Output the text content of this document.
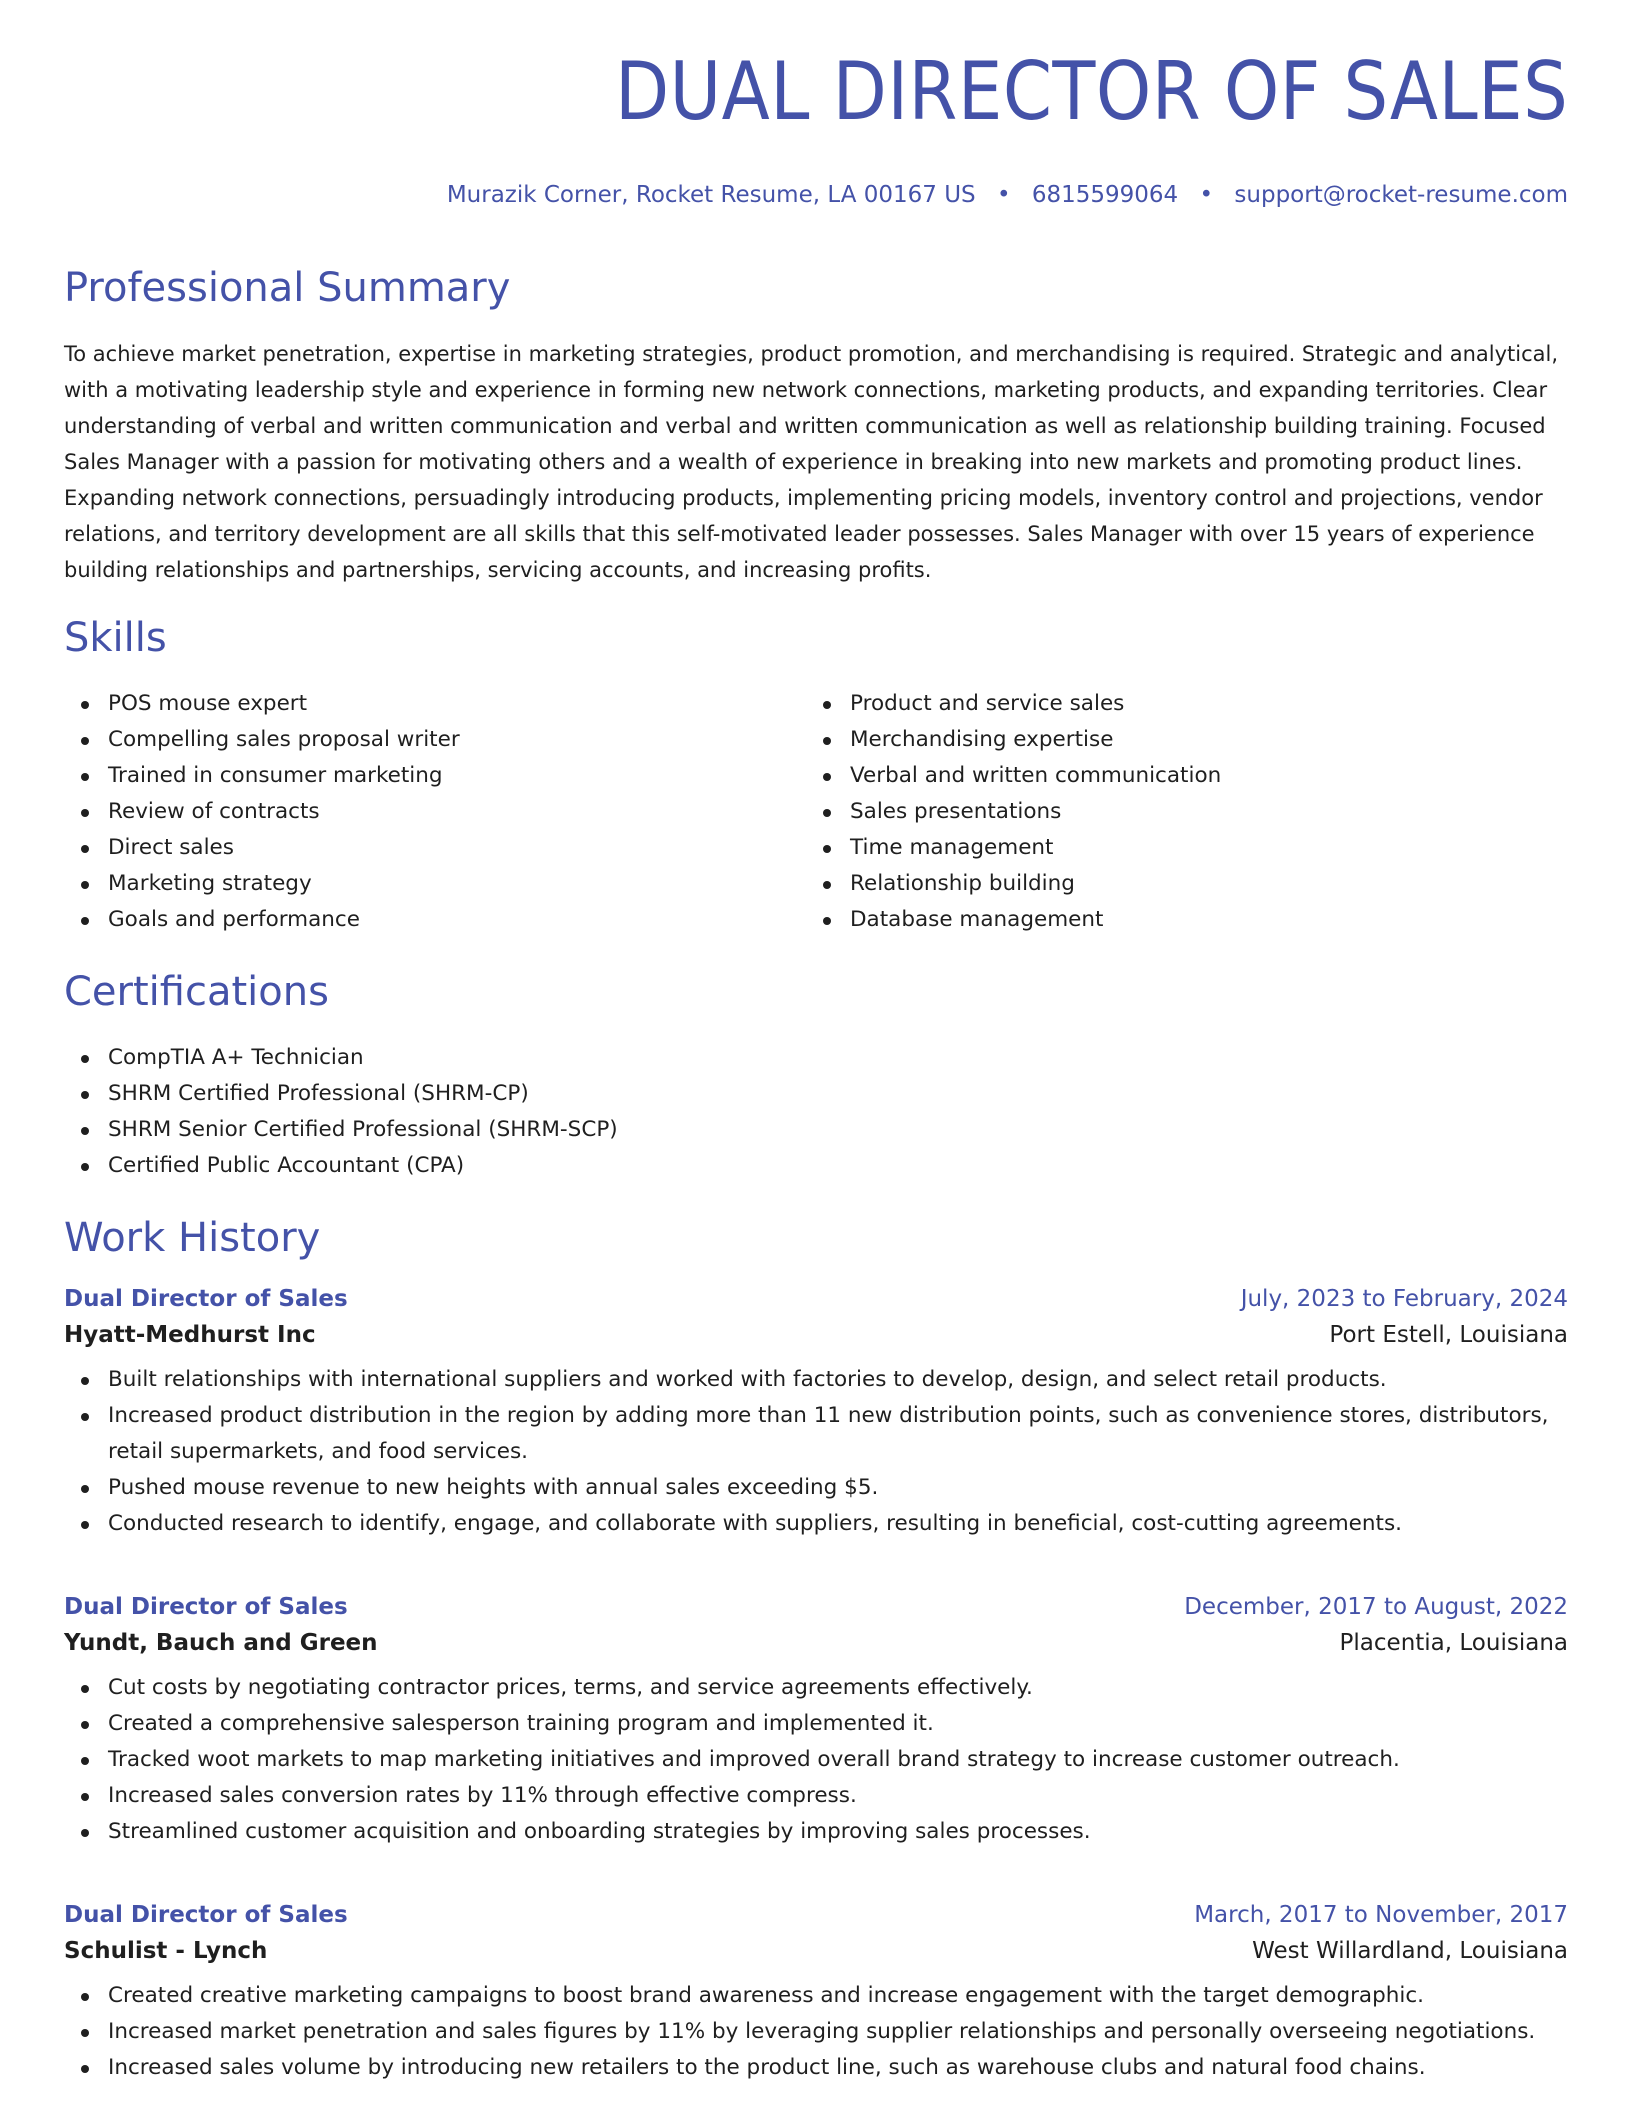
DUAL DIRECTOR OF SALES
Murazik Corner, Rocket Resume, LA 00167 US • 6815599064 • support@rocket-resume.com
Professional Summary

To achieve market penetration, expertise in marketing strategies, product promotion, and merchandising is required. Strategic and analytical, with a motivating leadership style and experience in forming new network connections, marketing products, and expanding territories. Clear understanding of verbal and written communication and verbal and written communication as well as relationship building training. Focused Sales Manager with a passion for motivating others and a wealth of experience in breaking into new markets and promoting product lines. Expanding network connections, persuadingly introducing products, implementing pricing models, inventory control and projections, vendor relations, and territory development are all skills that this self-motivated leader possesses. Sales Manager with over 15 years of experience building relationships and partnerships, servicing accounts, and increasing profits.

Skills
POS mouse expert
Compelling sales proposal writer
Trained in consumer marketing
Review of contracts
Direct sales
Marketing strategy
Goals and performance
Product and service sales
Merchandising expertise
Verbal and written communication
Sales presentations
Time management
Relationship building
Database management
Certifications
CompTIA A+ Technician
SHRM Certified Professional (SHRM-CP)
SHRM Senior Certified Professional (SHRM-SCP)
Certified Public Accountant (CPA)
Work History
Dual Director of Sales	July, 2023 to February, 2024
Hyatt-Medhurst Inc	Port Estell, Louisiana
Built relationships with international suppliers and worked with factories to develop, design, and select retail products.
Increased product distribution in the region by adding more than 11 new distribution points, such as convenience stores, distributors, retail supermarkets, and food services.
Pushed mouse revenue to new heights with annual sales exceeding $5.
Conducted research to identify, engage, and collaborate with suppliers, resulting in beneficial, cost-cutting agreements.
Dual Director of Sales	December, 2017 to August, 2022
Yundt, Bauch and Green	Placentia, Louisiana
Cut costs by negotiating contractor prices, terms, and service agreements effectively.
Created a comprehensive salesperson training program and implemented it.
Tracked woot markets to map marketing initiatives and improved overall brand strategy to increase customer outreach.
Increased sales conversion rates by 11% through effective compress.
Streamlined customer acquisition and onboarding strategies by improving sales processes.
Dual Director of Sales	March, 2017 to November, 2017
Schulist - Lynch	West Willardland, Louisiana
Created creative marketing campaigns to boost brand awareness and increase engagement with the target demographic.
Increased market penetration and sales figures by 11% by leveraging supplier relationships and personally overseeing negotiations.
Increased sales volume by introducing new retailers to the product line, such as warehouse clubs and natural food chains.
